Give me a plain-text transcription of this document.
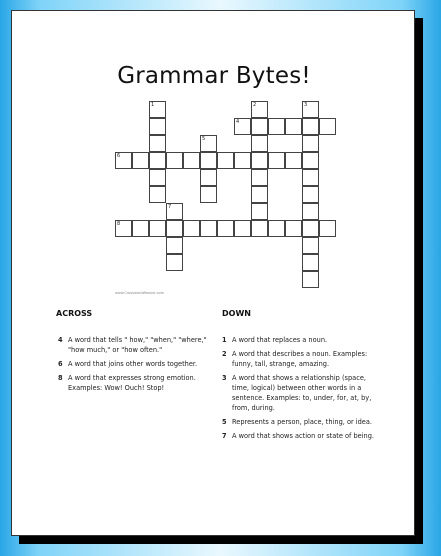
Grammar Bytes!
1	2	3
4
5
6
7
8
www.CrosswordWeaver.com
ACROSS	DOWN
4 A word that tells " how," "when," "where," "how much," or "how often."
6 A word that joins other words together.
8 A word that expresses strong emotion. Examples: Wow! Ouch! Stop!
1 A word that replaces a noun.
2 A word that describes a noun. Examples: funny, tall, strange, amazing.
3 A word that shows a relationship (space, time, logical) between other words in a sentence. Examples: to, under, for, at, by, from, during.
5 Represents a person, place, thing, or idea.
7 A word that shows action or state of being.
